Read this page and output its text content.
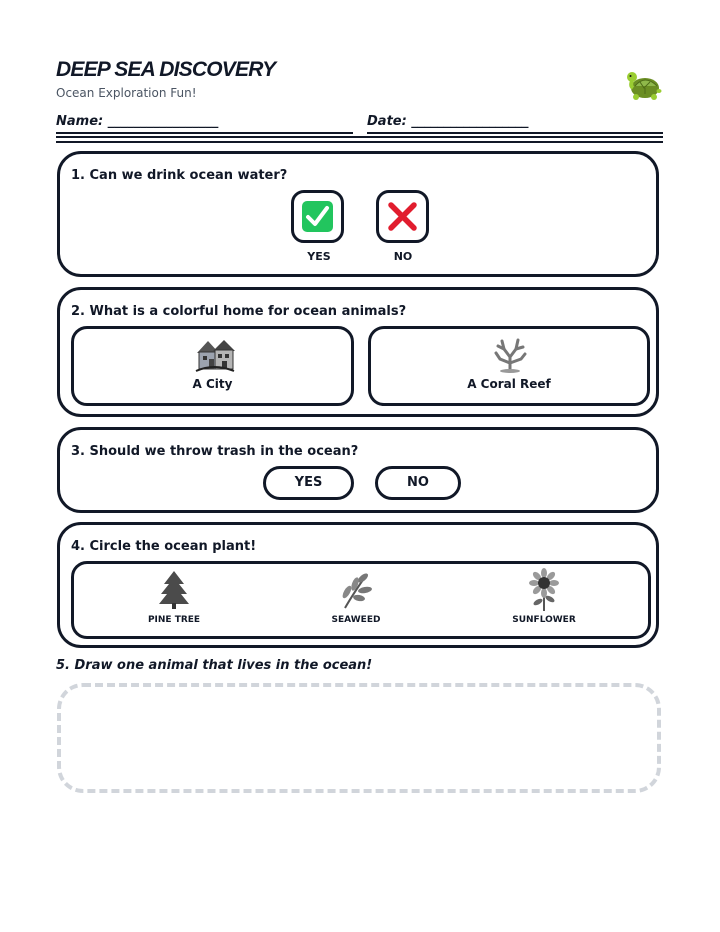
DEEP SEA DISCOVERY
Ocean Exploration Fun!
Name: _________________	Date: __________________
1. Can we drink ocean water?
YES	NO
2. What is a colorful home for ocean animals?
A City	A Coral Reef
3. Should we throw trash in the ocean?
YES	NO
4. Circle the ocean plant!
PINE TREE	SEAWEED	SUNFLOWER
5. Draw one animal that lives in the ocean!
